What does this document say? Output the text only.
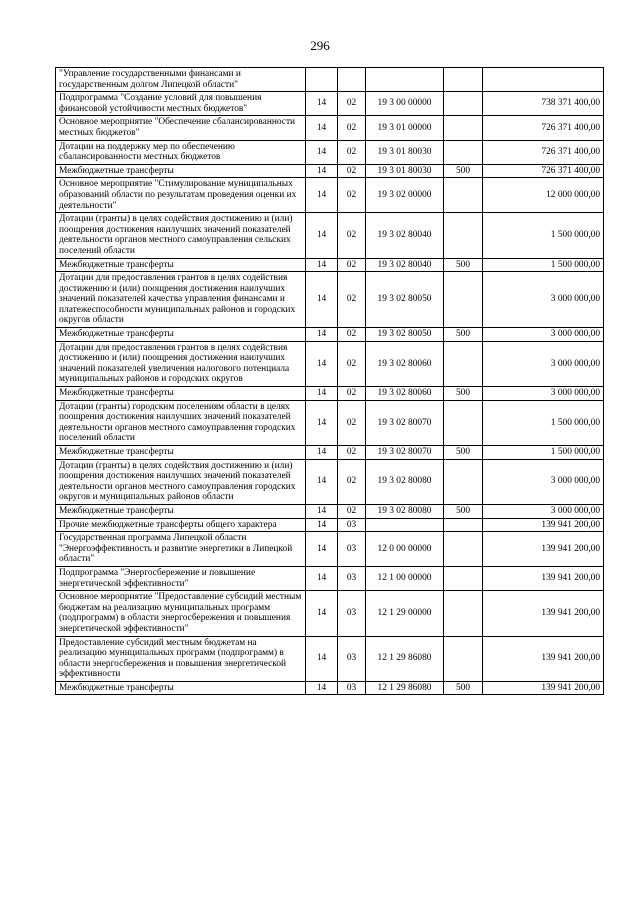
296
"Управление государственными финансами и государственным долгом Липецкой области"					
Подпрограмма "Создание условий для повышения финансовой устойчивости местных бюджетов"	14	02	19 3 00 00000		738 371 400,00
Основное мероприятие "Обеспечение сбалансированности местных бюджетов"	14	02	19 3 01 00000		726 371 400,00
Дотации на поддержку мер по обеспечению сбалансированности местных бюджетов	14	02	19 3 01 80030		726 371 400,00
Межбюджетные трансферты	14	02	19 3 01 80030	500	726 371 400,00
Основное мероприятие "Стимулирование муниципальных образований области по результатам проведения оценки их деятельности"	14	02	19 3 02 00000		12 000 000,00
Дотации (гранты) в целях содействия достижению и (или) поощрения достижения наилучших значений показателей деятельности органов местного самоуправления сельских поселений области	14	02	19 3 02 80040		1 500 000,00
Межбюджетные трансферты	14	02	19 3 02 80040	500	1 500 000,00
Дотации для предоставления грантов в целях содействия достижению и (или) поощрения достижения наилучших значений показателей качества управления финансами и платежеспособности муниципальных районов и городских округов области	14	02	19 3 02 80050		3 000 000,00
Межбюджетные трансферты	14	02	19 3 02 80050	500	3 000 000,00
Дотации для предоставления грантов в целях содействия достижению и (или) поощрения достижения наилучших значений показателей увеличения налогового потенциала муниципальных районов и городских округов	14	02	19 3 02 80060		3 000 000,00
Межбюджетные трансферты	14	02	19 3 02 80060	500	3 000 000,00
Дотации (гранты) городским поселениям области в целях поощрения достижения наилучших значений показателей деятельности органов местного самоуправления городских поселений области	14	02	19 3 02 80070		1 500 000,00
Межбюджетные трансферты	14	02	19 3 02 80070	500	1 500 000,00
Дотации (гранты) в целях содействия достижению и (или) поощрения достижения наилучших значений показателей деятельности органов местного самоуправления городских округов и муниципальных районов области	14	02	19 3 02 80080		3 000 000,00
Межбюджетные трансферты	14	02	19 3 02 80080	500	3 000 000,00
Прочие межбюджетные трансферты общего характера	14	03			139 941 200,00
Государственная программа Липецкой области "Энергоэффективность и развитие энергетики в Липецкой области"	14	03	12 0 00 00000		139 941 200,00
Подпрограмма "Энергосбережение и повышение энергетической эффективности"	14	03	12 1 00 00000		139 941 200,00
Основное мероприятие "Предоставление субсидий местным бюджетам на реализацию муниципальных программ (подпрограмм) в области энергосбережения и повышения энергетической эффективности"	14	03	12 1 29 00000		139 941 200,00
Предоставление субсидий местным бюджетам на реализацию муниципальных программ (подпрограмм) в области энергосбережения и повышения энергетической эффективности	14	03	12 1 29 86080		139 941 200,00
Межбюджетные трансферты	14	03	12 1 29 86080	500	139 941 200,00
